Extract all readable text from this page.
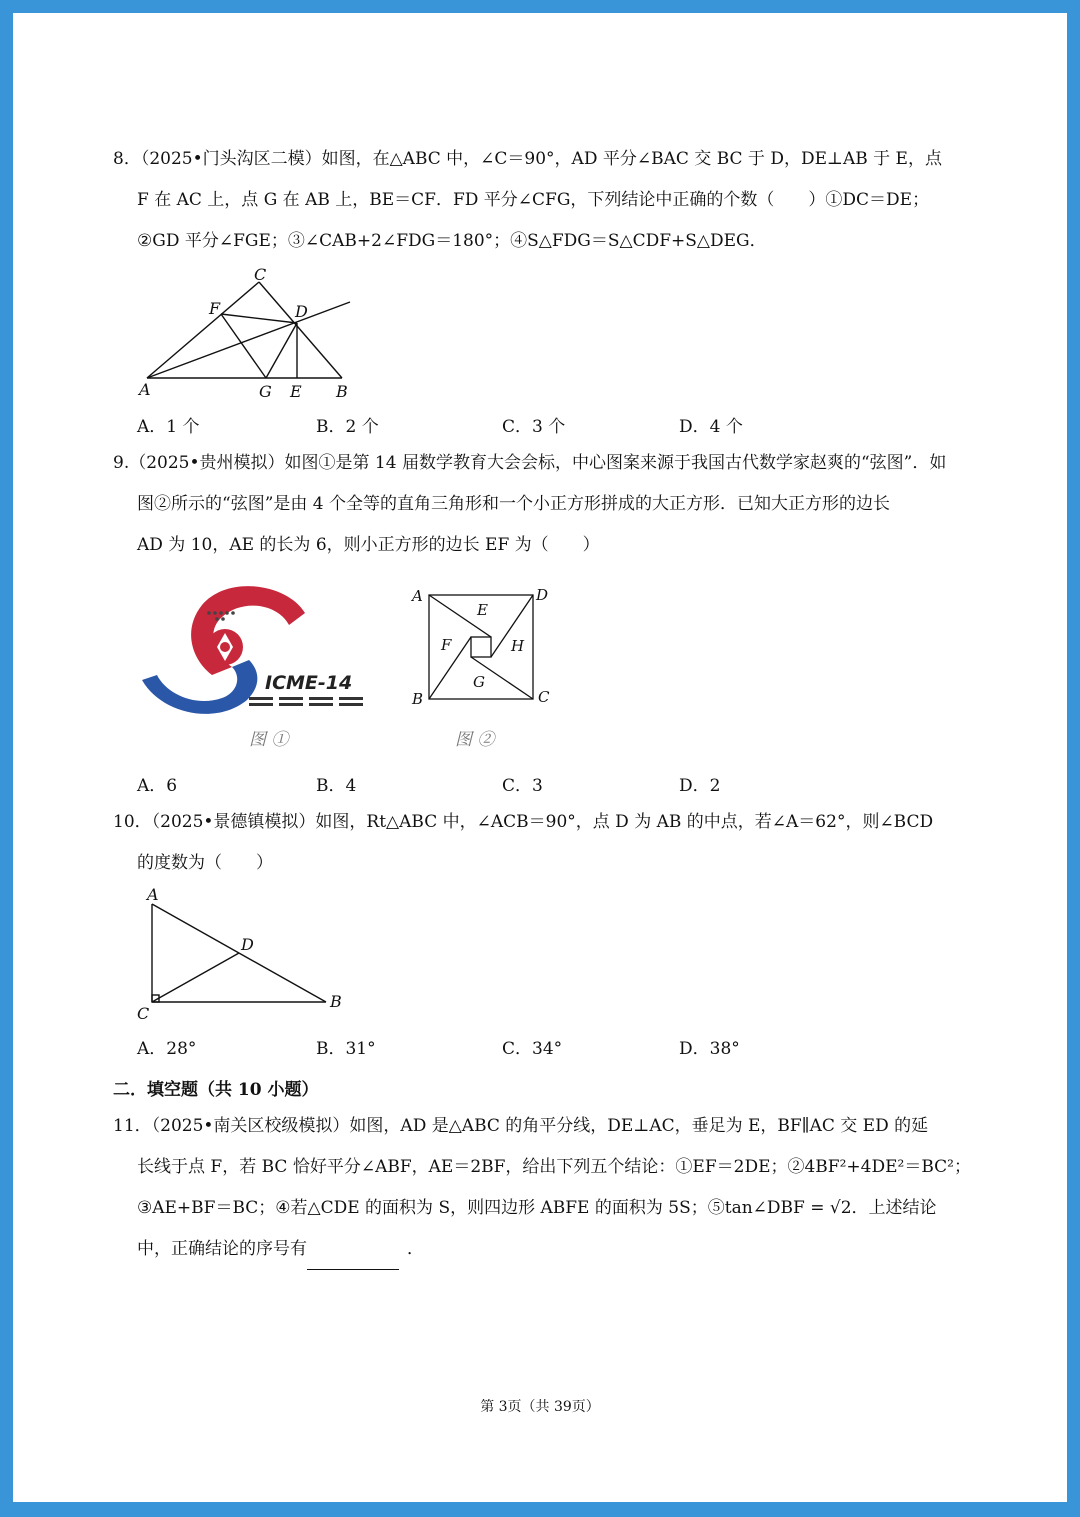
8．（2025•门头沟区二模）如图，在△ABC 中，∠C＝90°，AD 平分∠BAC 交 BC 于 D，DE⊥AB 于 E，点
F 在 AC 上，点 G 在 AB 上，BE＝CF．FD 平分∠CFG，下列结论中正确的个数（　　）①DC＝DE；
②GD 平分∠FGE；③∠CAB+2∠FDG＝180°；④S△FDG＝S△CDF+S△DEG．
C
F	D
A	G E B
A．1 个	B．2 个	C．3 个	D．4 个
9.（2025•贵州模拟）如图①是第 14 届数学教育大会会标，中心图案来源于我国古代数学家赵爽的“弦图”．如
图②所示的“弦图”是由 4 个全等的直角三角形和一个小正方形拼成的大正方形．已知大正方形的边长
AD 为 10，AE 的长为 6，则小正方形的边长 EF 为（　　）
ICME-14
图 ①
A	D
E
F	H
G
B	C
图 ②
A．6	B．4	C．3	D．2
10．（2025•景德镇模拟）如图，Rt△ABC 中，∠ACB＝90°，点 D 为 AB 的中点，若∠A＝62°，则∠BCD
的度数为（　　）
A
D
C
B
A．28°	B．31°	C．34°	D．38°
二．填空题（共 10 小题）
11．（2025•南关区校级模拟）如图，AD 是△ABC 的角平分线，DE⊥AC，垂足为 E，BF∥AC 交 ED 的延
长线于点 F，若 BC 恰好平分∠ABF，AE＝2BF，给出下列五个结论：①EF＝2DE；②4BF²+4DE²＝BC²；
③AE+BF＝BC；④若△CDE 的面积为 S，则四边形 ABFE 的面积为 5S；⑤tan∠DBF = √2．上述结论
中，正确结论的序号有	．
第 3页（共 39页）
